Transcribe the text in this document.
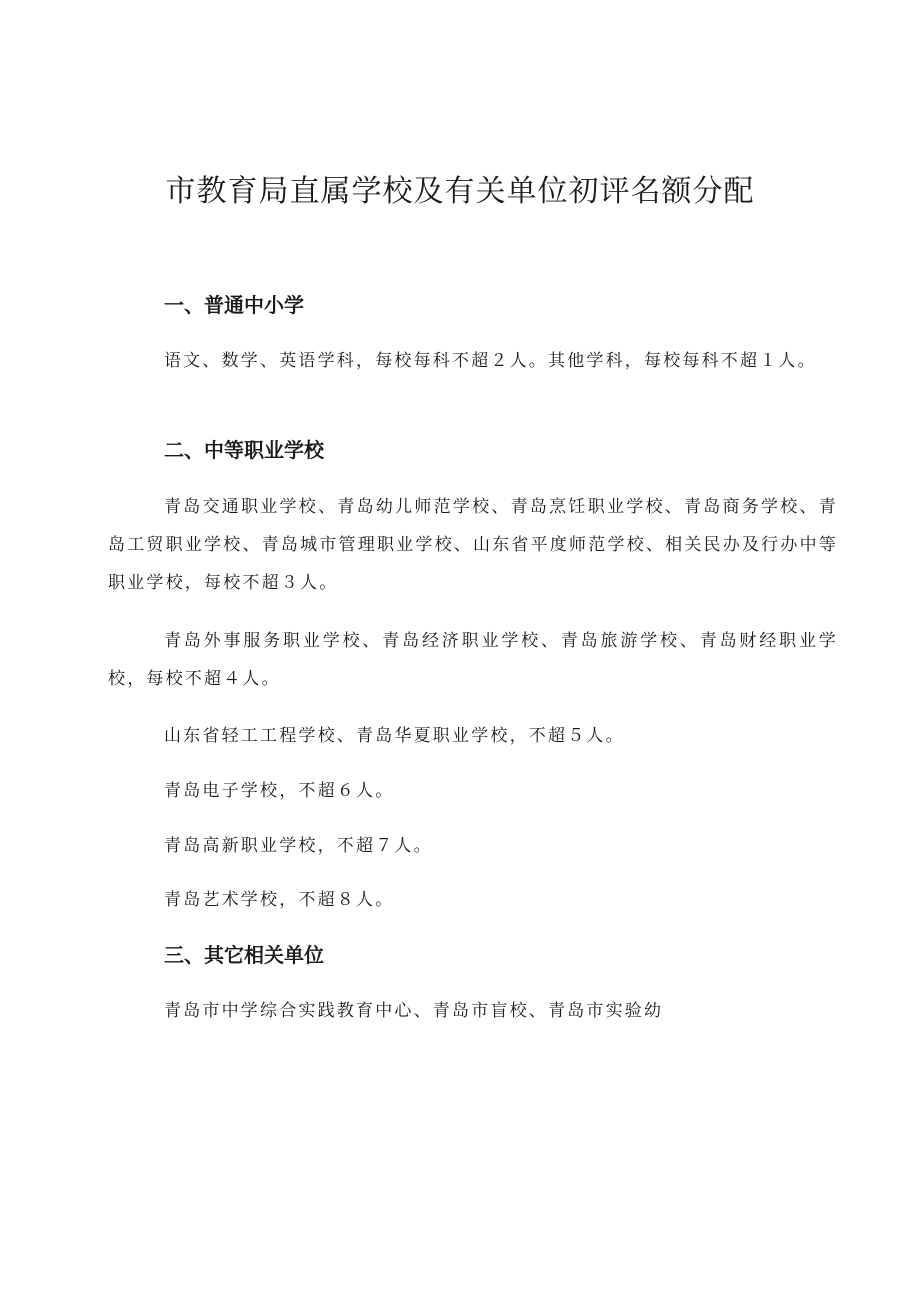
市教育局直属学校及有关单位初评名额分配
一、普通中小学

语文、数学、英语学科，每校每科不超２人。其他学科，每校每科不超１人。

二、中等职业学校

青岛交通职业学校、青岛幼儿师范学校、青岛烹饪职业学校、青岛商务学校、青岛工贸职业学校、青岛城市管理职业学校、山东省平度师范学校、相关民办及行办中等职业学校，每校不超３人。

青岛外事服务职业学校、青岛经济职业学校、青岛旅游学校、青岛财经职业学校，每校不超４人。

山东省轻工工程学校、青岛华夏职业学校，不超５人。

青岛电子学校，不超６人。

青岛高新职业学校，不超７人。

青岛艺术学校，不超８人。

三、其它相关单位

青岛市中学综合实践教育中心、青岛市盲校、青岛市实验幼
